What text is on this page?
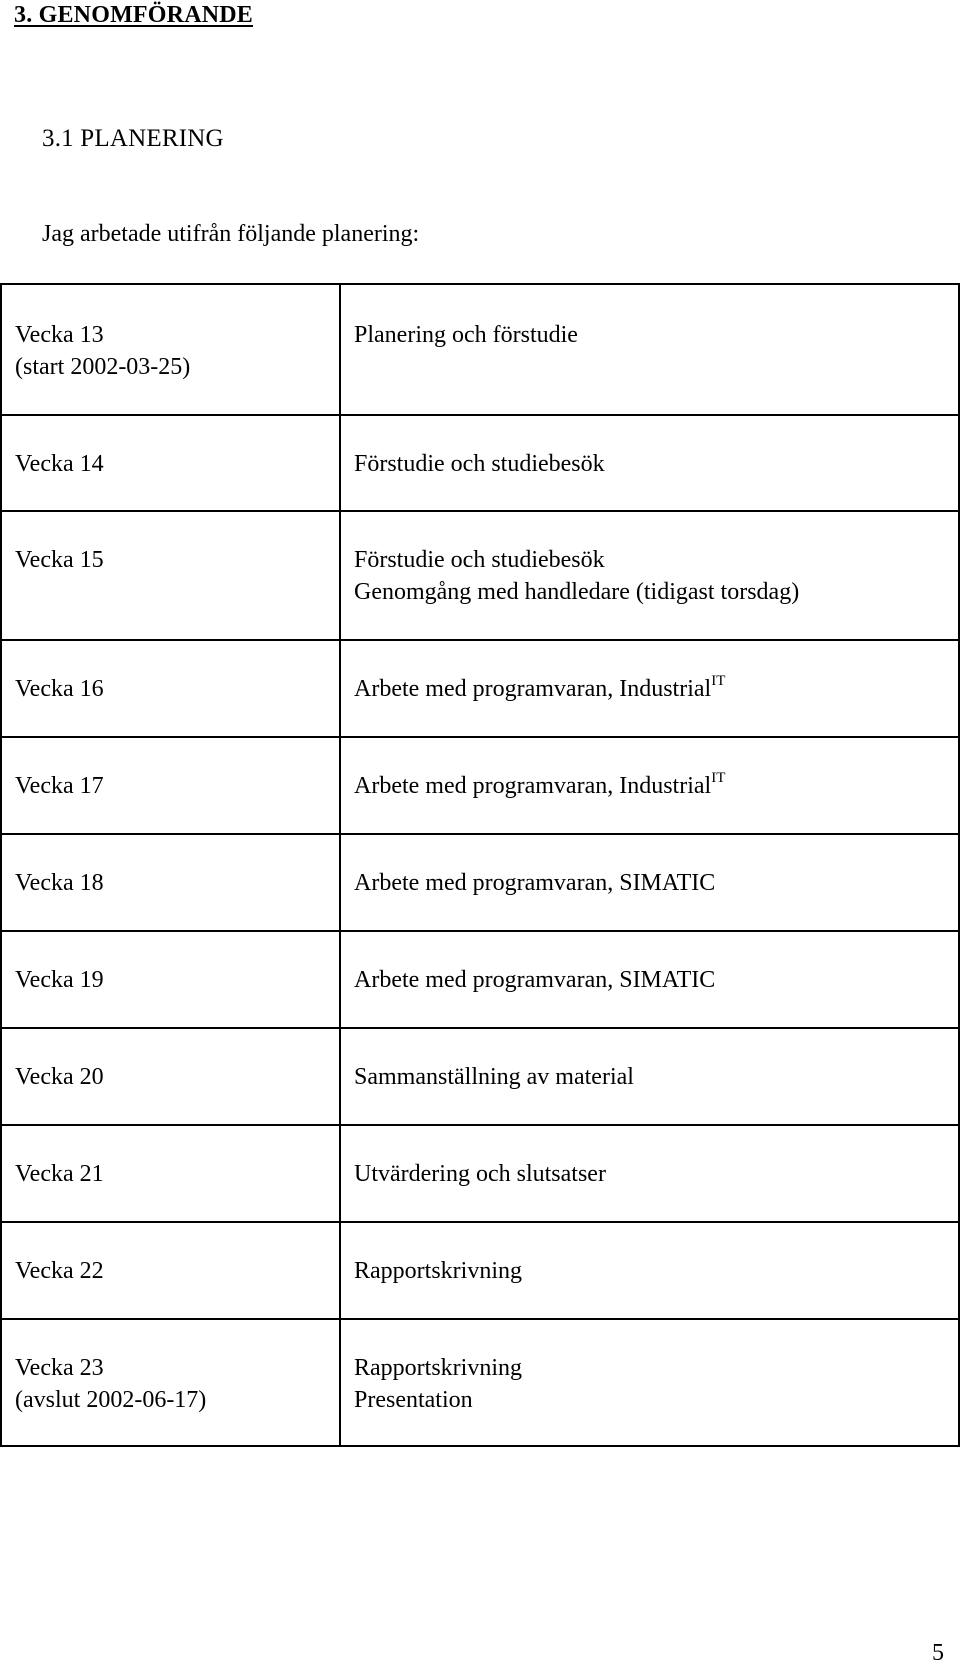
3. GENOMFÖRANDE
3.1 PLANERING
Jag arbetade utifrån följande planering:
Vecka 13
(start 2002-03-25)	Planering och förstudie

Vecka 14	Förstudie och studiebesök

Vecka 15	Förstudie och studiebesök
Genomgång med handledare (tidigast torsdag)

Vecka 16	Arbete med programvaran, Industrial$^{IT}$

Vecka 17	Arbete med programvaran, Industrial$^{IT}$

Vecka 18	Arbete med programvaran, SIMATIC

Vecka 19	Arbete med programvaran, SIMATIC

Vecka 20	Sammanställning av material

Vecka 21	Utvärdering och slutsatser

Vecka 22	Rapportskrivning

Vecka 23
(avslut 2002-06-17)	Rapportskrivning
Presentation
5
